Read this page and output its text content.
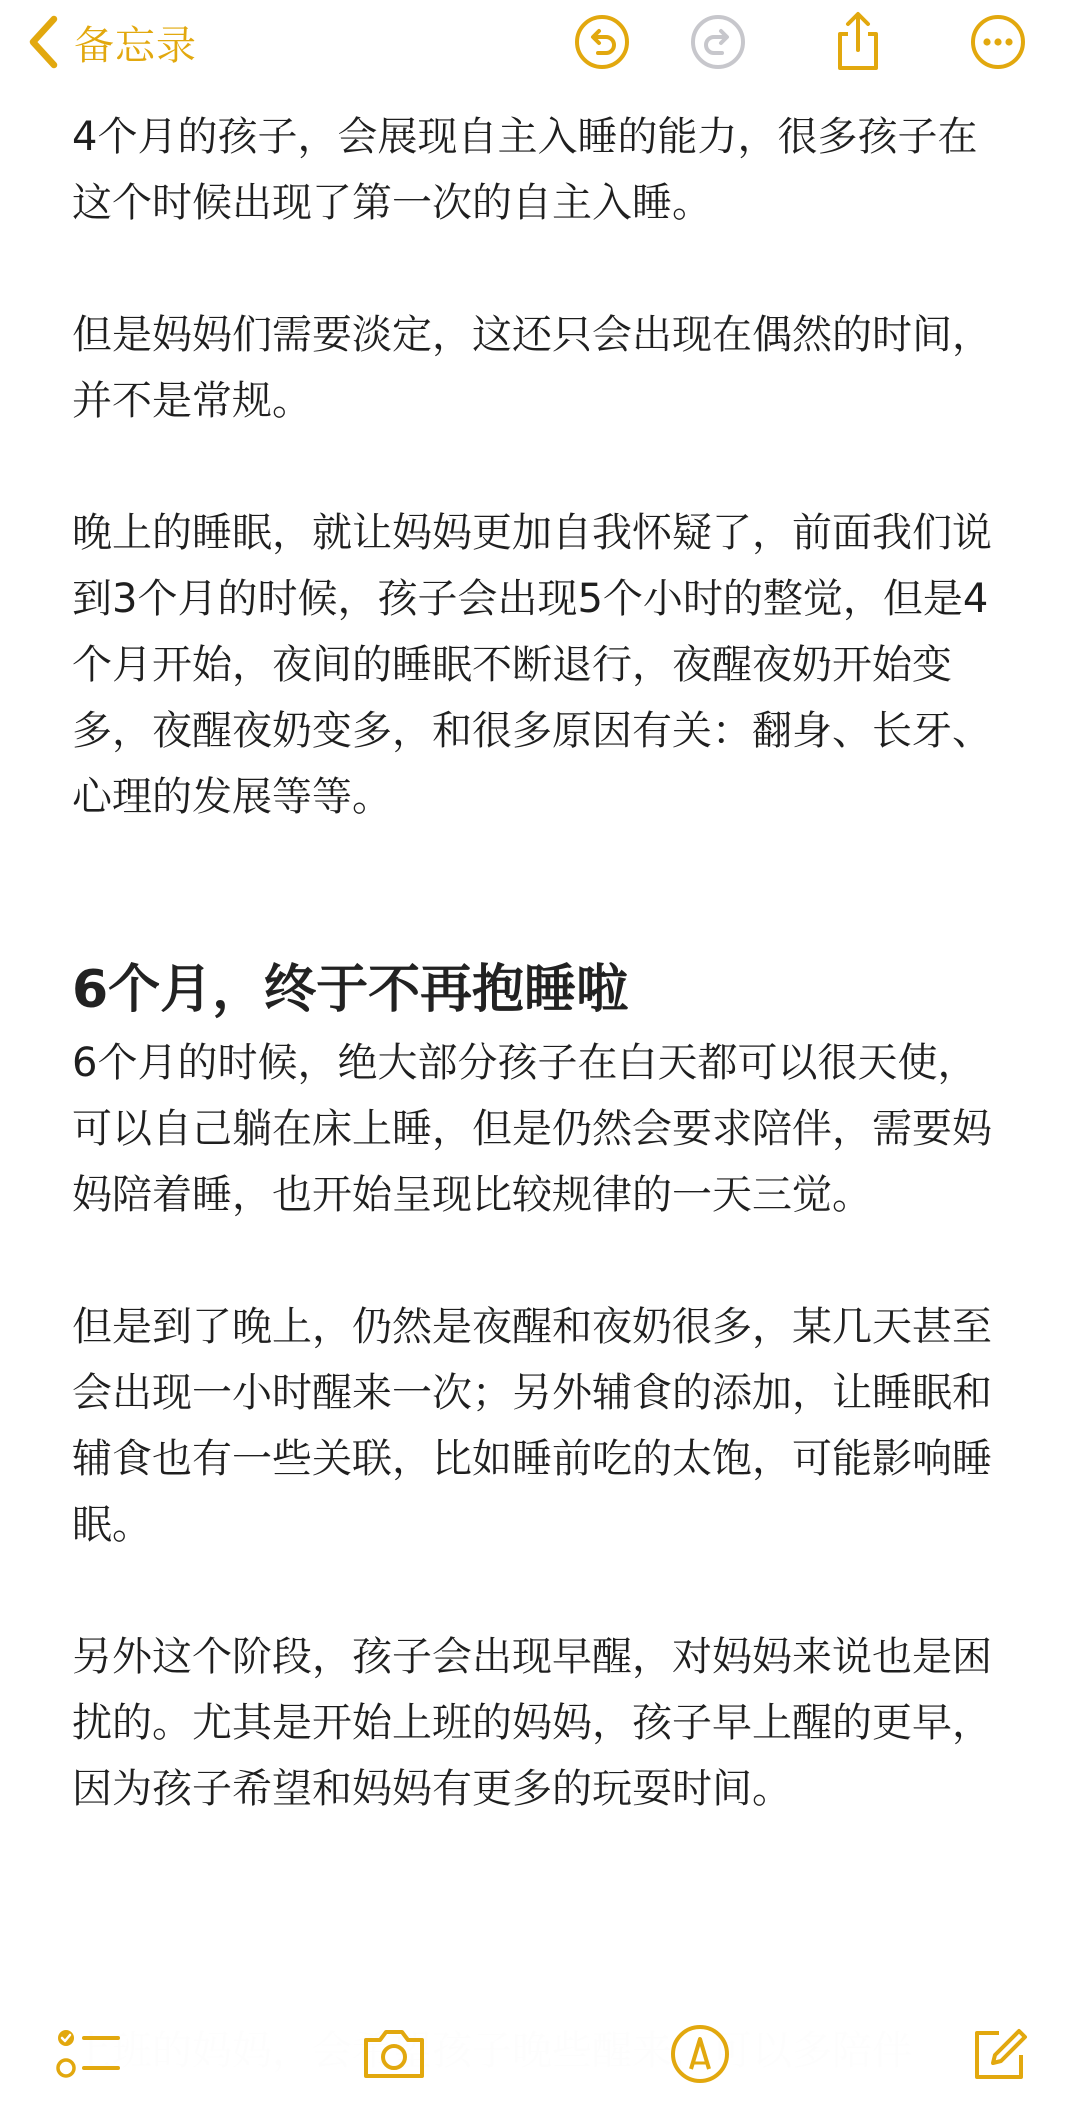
备忘录

4个月的孩子，会展现自主入睡的能力，很多孩子在这个时候出现了第一次的自主入睡。

但是妈妈们需要淡定，这还只会出现在偶然的时间，并不是常规。

晚上的睡眠，就让妈妈更加自我怀疑了，前面我们说到3个月的时候，孩子会出现5个小时的整觉，但是4个月开始，夜间的睡眠不断退行，夜醒夜奶开始变多，夜醒夜奶变多，和很多原因有关：翻身、长牙、心理的发展等等。

6个月，终于不再抱睡啦

6个月的时候，绝大部分孩子在白天都可以很天使，可以自己躺在床上睡，但是仍然会要求陪伴，需要妈妈陪着睡，也开始呈现比较规律的一天三觉。

但是到了晚上，仍然是夜醒和夜奶很多，某几天甚至会出现一小时醒来一次；另外辅食的添加，让睡眠和辅食也有一些关联，比如睡前吃的太饱，可能影响睡眠。

另外这个阶段，孩子会出现早醒，对妈妈来说也是困扰的。尤其是开始上班的妈妈，孩子早上醒的更早，因为孩子希望和妈妈有更多的玩耍时间。
